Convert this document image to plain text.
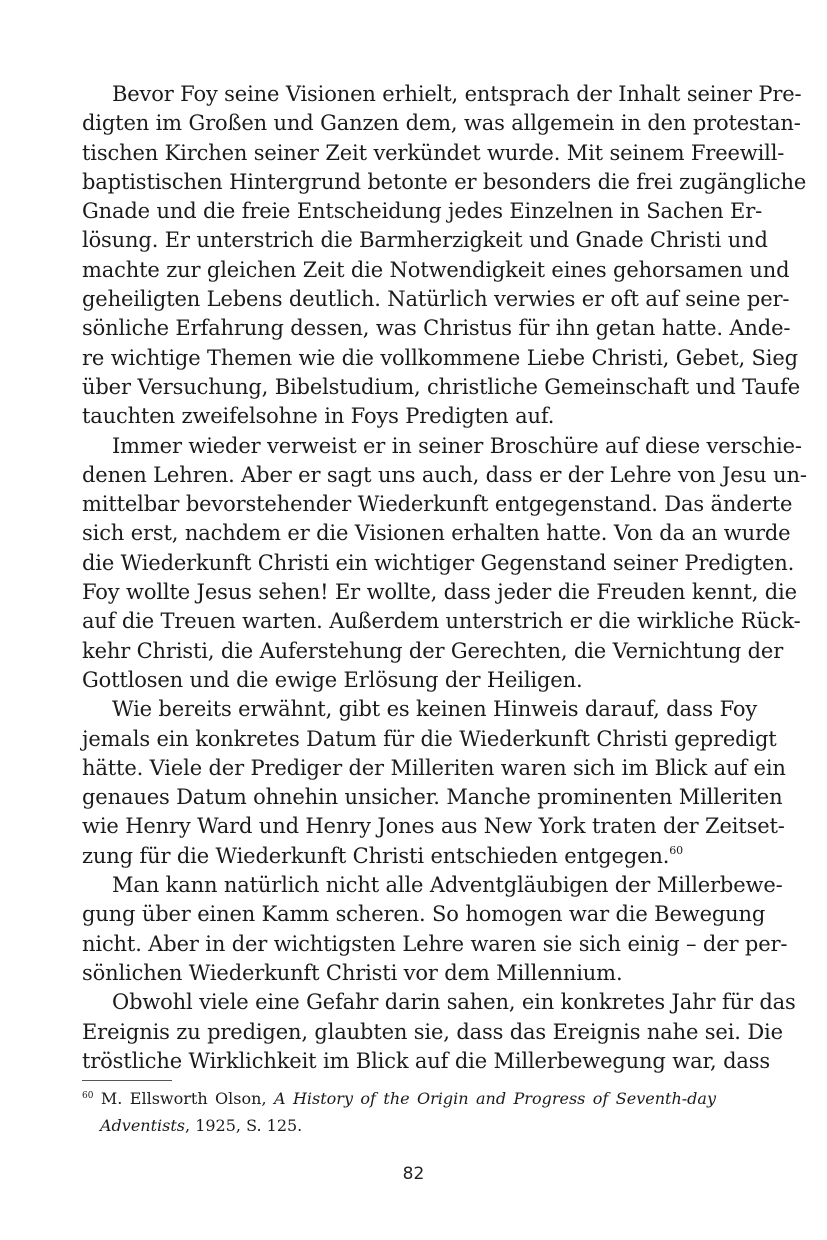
Bevor Foy seine Visionen erhielt, entsprach der Inhalt seiner Pre-
digten im Großen und Ganzen dem, was allgemein in den protestan-
tischen Kirchen seiner Zeit verkündet wurde. Mit seinem Freewill-
baptistischen Hintergrund betonte er besonders die frei zugängliche
Gnade und die freie Entscheidung jedes Einzelnen in Sachen Er-
lösung. Er unterstrich die Barmherzigkeit und Gnade Christi und
machte zur gleichen Zeit die Notwendigkeit eines gehorsamen und
geheiligten Lebens deutlich. Natürlich verwies er oft auf seine per-
sönliche Erfahrung dessen, was Christus für ihn getan hatte. Ande-
re wichtige Themen wie die vollkommene Liebe Christi, Gebet, Sieg
über Versuchung, Bibelstudium, christliche Gemeinschaft und Taufe
tauchten zweifelsohne in Foys Predigten auf.
Immer wieder verweist er in seiner Broschüre auf diese verschie-
denen Lehren. Aber er sagt uns auch, dass er der Lehre von Jesu un-
mittelbar bevorstehender Wiederkunft entgegenstand. Das änderte
sich erst, nachdem er die Visionen erhalten hatte. Von da an wurde
die Wiederkunft Christi ein wichtiger Gegenstand seiner Predigten.
Foy wollte Jesus sehen! Er wollte, dass jeder die Freuden kennt, die
auf die Treuen warten. Außerdem unterstrich er die wirkliche Rück-
kehr Christi, die Auferstehung der Gerechten, die Vernichtung der
Gottlosen und die ewige Erlösung der Heiligen.
Wie bereits erwähnt, gibt es keinen Hinweis darauf, dass Foy
jemals ein konkretes Datum für die Wiederkunft Christi gepredigt
hätte. Viele der Prediger der Milleriten waren sich im Blick auf ein
genaues Datum ohnehin unsicher. Manche prominenten Milleriten
wie Henry Ward und Henry Jones aus New York traten der Zeitset-
zung für die Wiederkunft Christi entschieden entgegen.$^{60}$
Man kann natürlich nicht alle Adventgläubigen der Millerbewe-
gung über einen Kamm scheren. So homogen war die Bewegung
nicht. Aber in der wichtigsten Lehre waren sie sich einig – der per-
sönlichen Wiederkunft Christi vor dem Millennium.
Obwohl viele eine Gefahr darin sahen, ein konkretes Jahr für das
Ereignis zu predigen, glaubten sie, dass das Ereignis nahe sei. Die
tröstliche Wirklichkeit im Blick auf die Millerbewegung war, dass
$^{60}$ M. Ellsworth Olson, A History of the Origin and Progress of Seventh-day
Adventists, 1925, S. 125.
82
